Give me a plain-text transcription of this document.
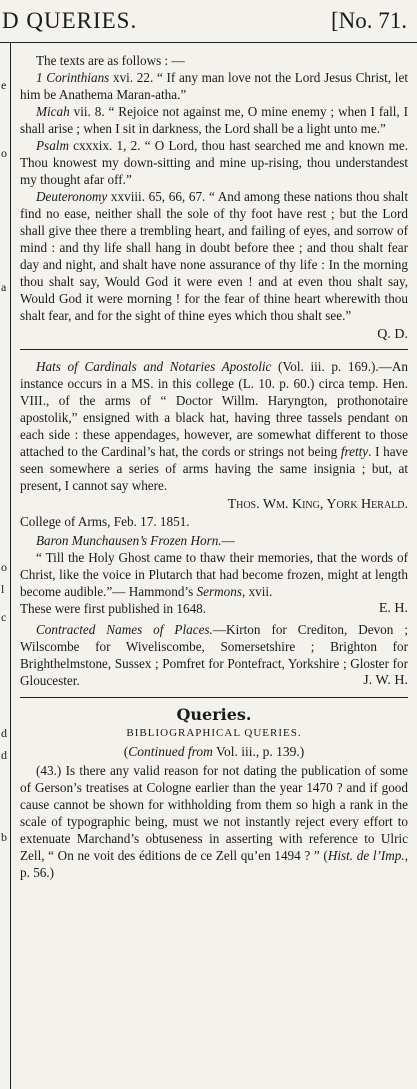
D QUERIES.	[No. 71.
e
o
a
o
l
c
d
d
b

The texts are as follows : —

1 Corinthians xvi. 22. “ If any man love not the Lord Jesus Christ, let him be Anathema Maran-atha.”

Micah vii. 8. “ Rejoice not against me, O mine enemy ; when I fall, I shall arise ; when I sit in darkness, the Lord shall be a light unto me.”

Psalm cxxxix. 1, 2. “ O Lord, thou hast searched me and known me. Thou knowest my down-sitting and mine up-rising, thou understandest my thought afar off.”

Deuteronomy xxviii. 65, 66, 67. “ And among these nations thou shalt find no ease, neither shall the sole of thy foot have rest ; but the Lord shall give thee there a trembling heart, and failing of eyes, and sorrow of mind : and thy life shall hang in doubt before thee ; and thou shalt fear day and night, and shalt have none assurance of thy life : In the morning thou shalt say, Would God it were even ! and at even thou shalt say, Would God it were morning ! for the fear of thine heart wherewith thou shalt fear, and for the sight of thine eyes which thou shalt see.”

Q. D.

Hats of Cardinals and Notaries Apostolic (Vol. iii. p. 169.).—An instance occurs in a MS. in this college (L. 10. p. 60.) circa temp. Hen. VIII., of the arms of “ Doctor Willm. Haryngton, prothonotaire apostolik,” ensigned with a black hat, having three tassels pendant on each side : these appendages, however, are somewhat different to those attached to the Cardinal’s hat, the cords or strings not being fretty. I have seen somewhere a series of arms having the same insignia ; but, at present, I cannot say where.

Thos. Wm. King, York Herald.

College of Arms, Feb. 17. 1851.

Baron Munchausen’s Frozen Horn.—

“ Till the Holy Ghost came to thaw their memories, that the words of Christ, like the voice in Plutarch that had become frozen, might at length become audible.”— Hammond’s Sermons, xvii.

These were first published in 1648.	E. H.

Contracted Names of Places.—Kirton for Crediton, Devon ; Wilscombe for Wiveliscombe, Somersetshire ; Brighton for Brighthelmstone, Sussex ; Pomfret for Pontefract, Yorkshire ; Gloster for Gloucester.	J. W. H.

Queries.

BIBLIOGRAPHICAL QUERIES.

(Continued from Vol. iii., p. 139.)

(43.) Is there any valid reason for not dating the publication of some of Gerson’s treatises at Cologne earlier than the year 1470 ? and if good cause cannot be shown for withholding from them so high a rank in the scale of typographic being, must we not instantly reject every effort to extenuate Marchand’s obtuseness in asserting with reference to Ulric Zell, “ On ne voit des éditions de ce Zell qu’en 1494 ? ” (Hist. de l’Imp., p. 56.)
